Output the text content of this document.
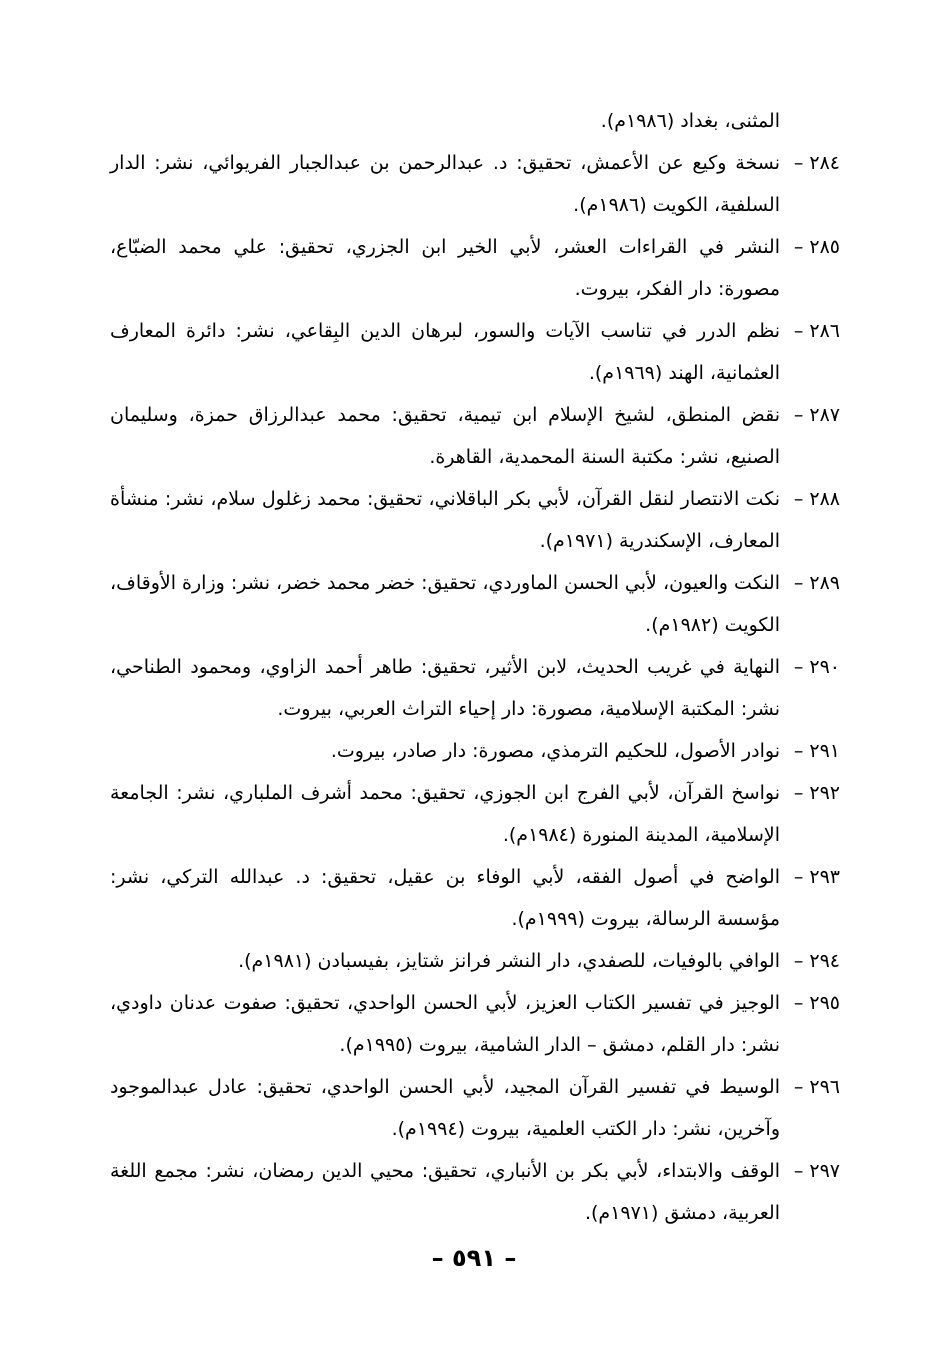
المثنى، بغداد (١٩٨٦م).

٢٨٤ –
نسخة وكيع عن الأعمش، تحقيق: د. عبدالرحمن بن عبدالجبار الفريوائي، نشر: الدار السلفية، الكويت (١٩٨٦م).
٢٨٥ –
النشر في القراءات العشر، لأبي الخير ابن الجزري، تحقيق: علي محمد الضبّاع، مصورة: دار الفكر، بيروت.
٢٨٦ –
نظم الدرر في تناسب الآيات والسور، لبرهان الدين البِقاعي، نشر: دائرة المعارف العثمانية، الهند (١٩٦٩م).
٢٨٧ –
نقض المنطق، لشيخ الإسلام ابن تيمية، تحقيق: محمد عبدالرزاق حمزة، وسليمان الصنيع، نشر: مكتبة السنة المحمدية، القاهرة.
٢٨٨ –
نكت الانتصار لنقل القرآن، لأبي بكر الباقلاني، تحقيق: محمد زغلول سلام، نشر: منشأة المعارف، الإسكندرية (١٩٧١م).
٢٨٩ –
النكت والعيون، لأبي الحسن الماوردي، تحقيق: خضر محمد خضر، نشر: وزارة الأوقاف، الكويت (١٩٨٢م).
٢٩٠ –
النهاية في غريب الحديث، لابن الأثير، تحقيق: طاهر أحمد الزاوي، ومحمود الطناحي، نشر: المكتبة الإسلامية، مصورة: دار إحياء التراث العربي، بيروت.
٢٩١ –
نوادر الأصول، للحكيم الترمذي، مصورة: دار صادر، بيروت.
٢٩٢ –
نواسخ القرآن، لأبي الفرج ابن الجوزي، تحقيق: محمد أشرف الملباري، نشر: الجامعة الإسلامية، المدينة المنورة (١٩٨٤م).
٢٩٣ –
الواضح في أصول الفقه، لأبي الوفاء بن عقيل، تحقيق: د. عبدالله التركي، نشر: مؤسسة الرسالة، بيروت (١٩٩٩م).
٢٩٤ –
الوافي بالوفيات، للصفدي، دار النشر فرانز شتايز، بفيسبادن (١٩٨١م).
٢٩٥ –
الوجيز في تفسير الكتاب العزيز، لأبي الحسن الواحدي، تحقيق: صفوت عدنان داودي، نشر: دار القلم، دمشق – الدار الشامية، بيروت (١٩٩٥م).
٢٩٦ –
الوسيط في تفسير القرآن المجيد، لأبي الحسن الواحدي، تحقيق: عادل عبدالموجود وآخرين، نشر: دار الكتب العلمية، بيروت (١٩٩٤م).
٢٩٧ –
الوقف والابتداء، لأبي بكر بن الأنباري، تحقيق: محيي الدين رمضان، نشر: مجمع اللغة العربية، دمشق (١٩٧١م).
– ٥٩١ –
